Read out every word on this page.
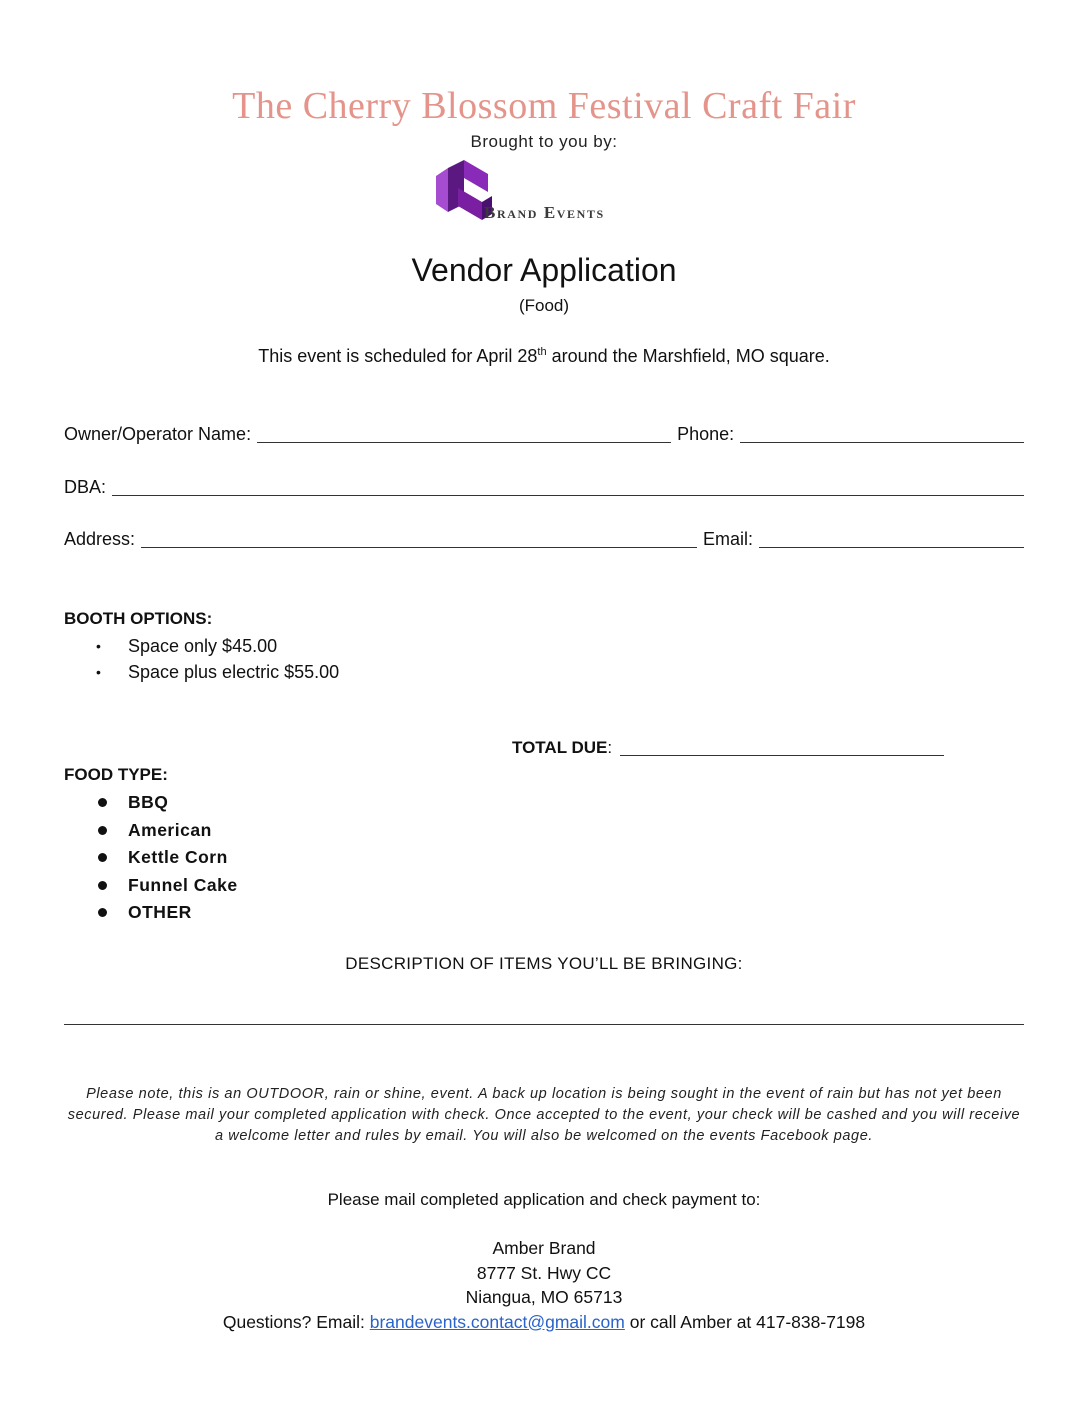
The Cherry Blossom Festival Craft Fair
Brought to you by:
Brand Events
Vendor Application
(Food)
This event is scheduled for April 28th around the Marshfield, MO square.
Owner/Operator Name:	Phone:
DBA:
Address:	Email:
BOOTH OPTIONS:
•	Space only $45.00
•	Space plus electric $55.00
TOTAL DUE :
FOOD TYPE:
BBQ
American
Kettle Corn
Funnel Cake
OTHER
DESCRIPTION OF ITEMS YOU’LL BE BRINGING:
Please note, this is an OUTDOOR, rain or shine, event. A back up location is being sought in the event of rain but has not yet been secured. Please mail your completed application with check. Once accepted to the event, your check will be cashed and you will receive a welcome letter and rules by email. You will also be welcomed on the events Facebook page.
Please mail completed application and check payment to:
Amber Brand
8777 St. Hwy CC
Niangua, MO 65713
Questions? Email: brandevents.contact@gmail.com or call Amber at 417-838-7198
